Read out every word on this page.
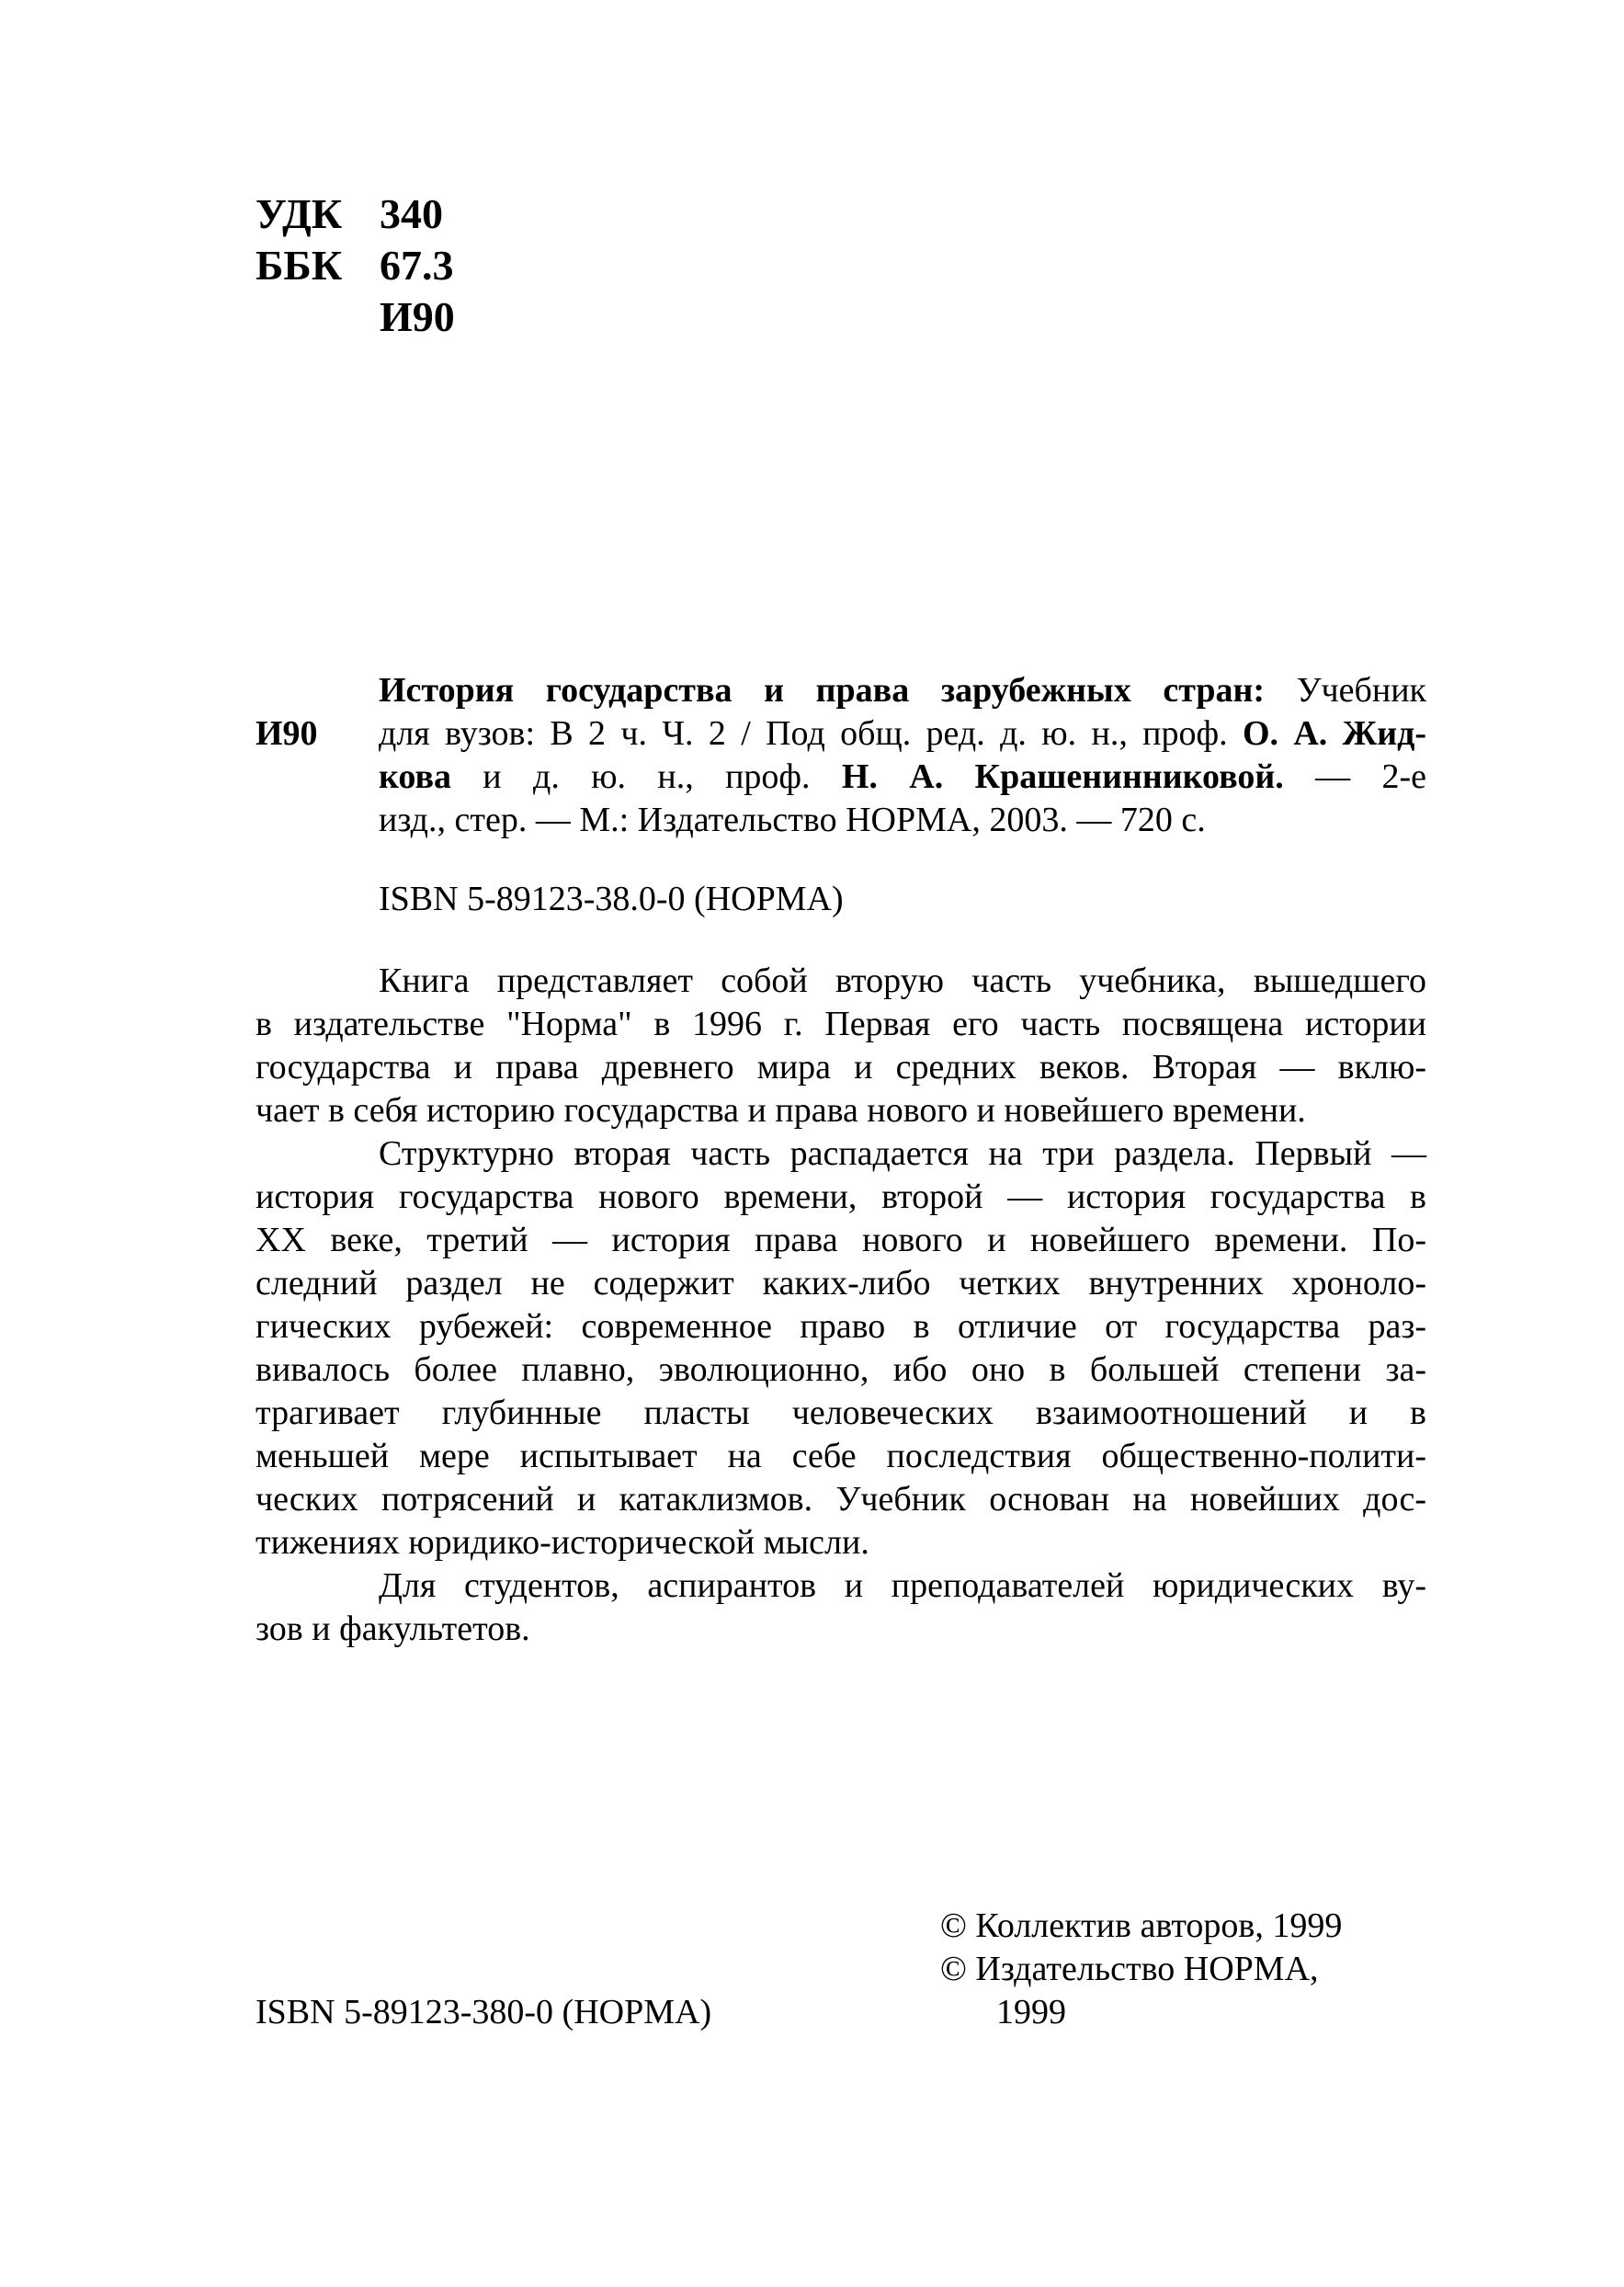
УДК 340
ББК 67.3
И90
И90
История государства и права зарубежных стран: Учебник
для вузов: В 2 ч. Ч. 2 / Под общ. ред. д. ю. н., проф. О. А. Жид-
кова и д. ю. н., проф. Н. А. Крашенинниковой. — 2-е
изд., стер. — М.: Издательство НОРМА, 2003. — 720 с.
ISBN 5-89123-38.0-0 (НОРМА)

Книга представляет собой вторую часть учебника, вышедшего
в издательстве "Норма" в 1996 г. Первая его часть посвящена истории
государства и права древнего мира и средних веков. Вторая — вклю-
чает в себя историю государства и права нового и новейшего времени.

Структурно вторая часть распадается на три раздела. Первый —
история государства нового времени, второй — история государства в
XX веке, третий — история права нового и новейшего времени. По-
следний раздел не содержит каких-либо четких внутренних хроноло-
гических рубежей: современное право в отличие от государства раз-
вивалось более плавно, эволюционно, ибо оно в большей степени за-
трагивает глубинные пласты человеческих взаимоотношений и в
меньшей мере испытывает на себе последствия общественно-полити-
ческих потрясений и катаклизмов. Учебник основан на новейших дос-
тижениях юридико-исторической мысли.

Для студентов, аспирантов и преподавателей юридических ву-
зов и факультетов.

ISBN 5-89123-380-0 (НОРМА)
© Коллектив авторов, 1999
© Издательство НОРМА,
1999
